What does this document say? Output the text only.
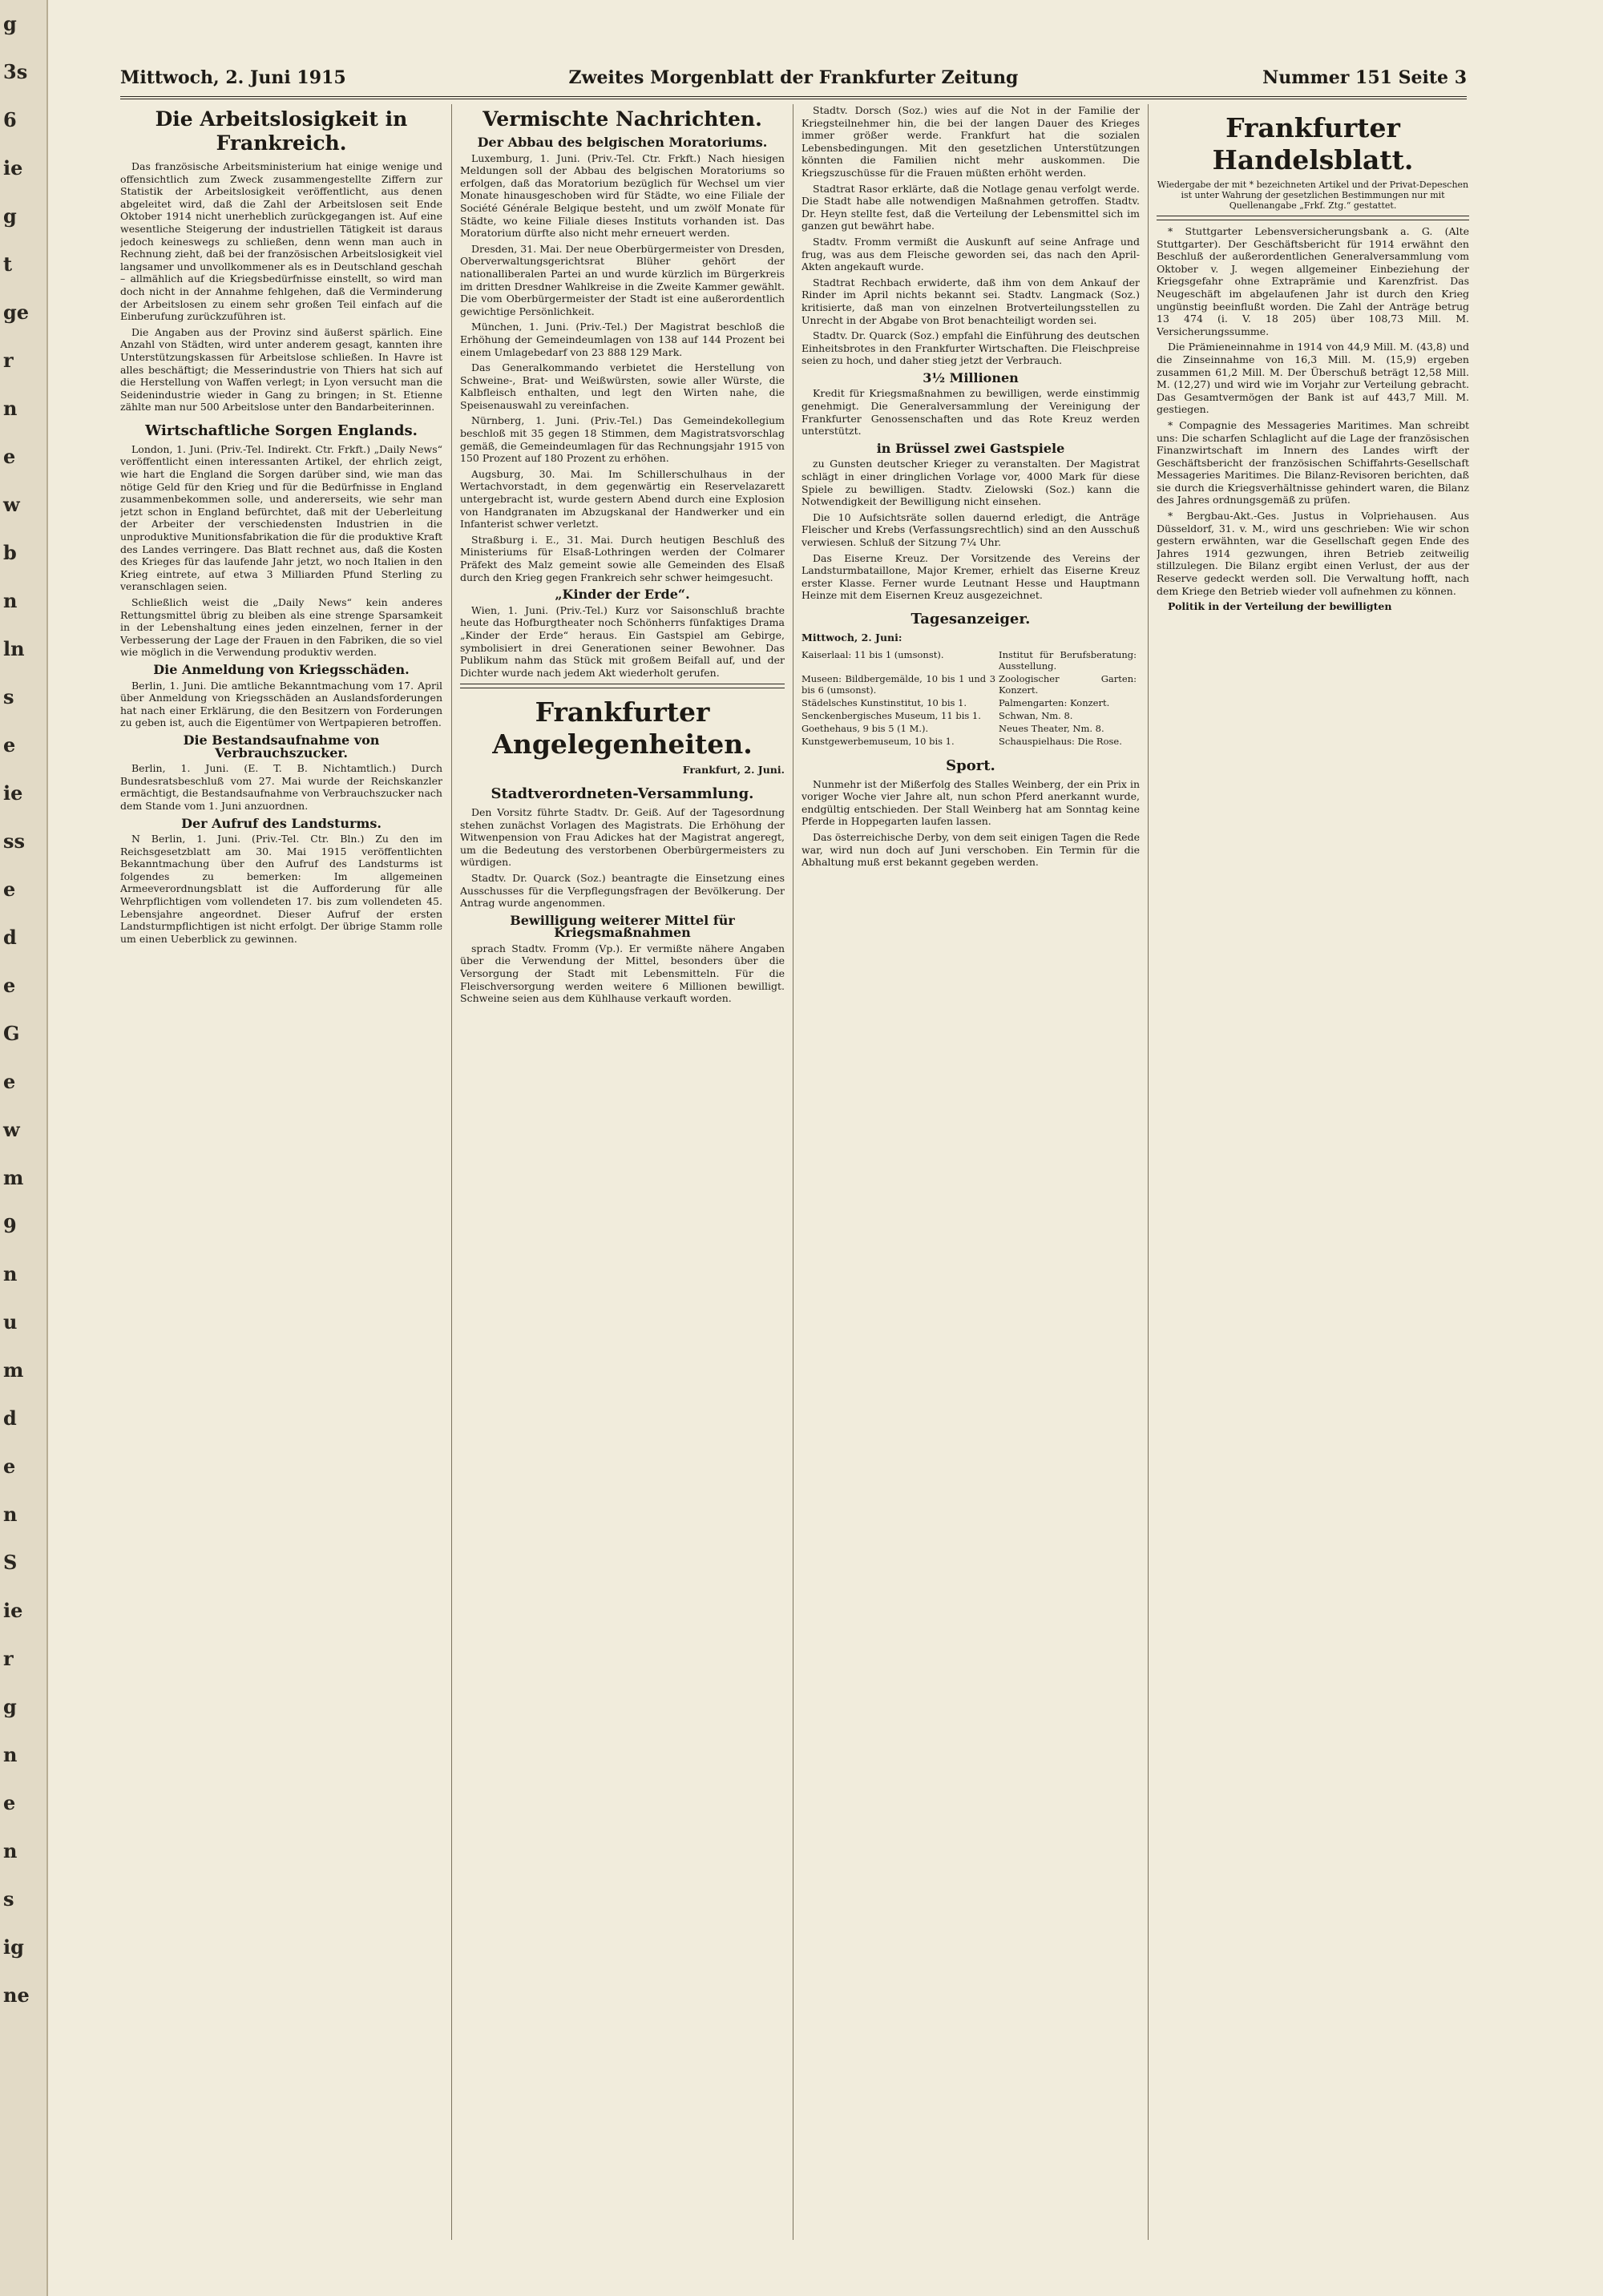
g
3s
6
ie
g
t
ge
r
n
e
w
b
n
ln
s
e
ie
ss
e
d
e
G
e
w
m
9
n
u
m
d
e
n
S
ie
r
g
n
e
n
s
ig
ne
Mittwoch, 2. Juni 1915	Zweites Morgenblatt der Frankfurter Zeitung	Nummer 151 Seite 3
Die Arbeitslosigkeit in Frankreich.

Das französische Arbeitsministerium hat einige wenige und offensichtlich zum Zweck zusammengestellte Ziffern zur Statistik der Arbeitslosigkeit veröffentlicht, aus denen abgeleitet wird, daß die Zahl der Arbeitslosen seit Ende Oktober 1914 nicht unerheblich zurückgegangen ist. Auf eine wesentliche Steigerung der industriellen Tätigkeit ist daraus jedoch keineswegs zu schließen, denn wenn man auch in Rechnung zieht, daß bei der französischen Arbeitslosigkeit viel langsamer und unvollkommener als es in Deutschland geschah – allmählich auf die Kriegsbedürfnisse einstellt, so wird man doch nicht in der Annahme fehlgehen, daß die Verminderung der Arbeitslosen zu einem sehr großen Teil einfach auf die Einberufung zurückzuführen ist.

Die Angaben aus der Provinz sind äußerst spärlich. Eine Anzahl von Städten, wird unter anderem gesagt, kannten ihre Unterstützungskassen für Arbeitslose schließen. In Havre ist alles beschäftigt; die Messerindustrie von Thiers hat sich auf die Herstellung von Waffen verlegt; in Lyon versucht man die Seidenindustrie wieder in Gang zu bringen; in St. Etienne zählte man nur 500 Arbeitslose unter den Bandarbeiterinnen.

Wirtschaftliche Sorgen Englands.

London, 1. Juni. (Priv.-Tel. Indirekt. Ctr. Frkft.) „Daily News“ veröffentlicht einen interessanten Artikel, der ehrlich zeigt, wie hart die England die Sorgen darüber sind, wie man das nötige Geld für den Krieg und für die Bedürfnisse in England zusammenbekommen solle, und andererseits, wie sehr man jetzt schon in England befürchtet, daß mit der Ueberleitung der Arbeiter der verschiedensten Industrien in die unproduktive Munitionsfabrikation die für die produktive Kraft des Landes verringere. Das Blatt rechnet aus, daß die Kosten des Krieges für das laufende Jahr jetzt, wo noch Italien in den Krieg eintrete, auf etwa 3 Milliarden Pfund Sterling zu veranschlagen seien.

Schließlich weist die „Daily News“ kein anderes Rettungsmittel übrig zu bleiben als eine strenge Sparsamkeit in der Lebenshaltung eines jeden einzelnen, ferner in der Verbesserung der Lage der Frauen in den Fabriken, die so viel wie möglich in die Verwendung produktiv werden.

Die Anmeldung von Kriegsschäden.

Berlin, 1. Juni. Die amtliche Bekanntmachung vom 17. April über Anmeldung von Kriegsschäden an Auslandsforderungen hat nach einer Erklärung, die den Besitzern von Forderungen zu geben ist, auch die Eigentümer von Wertpapieren betroffen.

Die Bestandsaufnahme von Verbrauchszucker.

Berlin, 1. Juni. (E. T. B. Nichtamtlich.) Durch Bundesratsbeschluß vom 27. Mai wurde der Reichskanzler ermächtigt, die Bestandsaufnahme von Verbrauchszucker nach dem Stande vom 1. Juni anzuordnen.

Der Aufruf des Landsturms.

N Berlin, 1. Juni. (Priv.-Tel. Ctr. Bln.) Zu den im Reichsgesetzblatt am 30. Mai 1915 veröffentlichten Bekanntmachung über den Aufruf des Landsturms ist folgendes zu bemerken: Im allgemeinen Armeeverordnungsblatt ist die Aufforderung für alle Wehrpflichtigen vom vollendeten 17. bis zum vollendeten 45. Lebensjahre angeordnet. Dieser Aufruf der ersten Landsturmpflichtigen ist nicht erfolgt. Der übrige Stamm rolle um einen Ueberblick zu gewinnen.

Vermischte Nachrichten.
Der Abbau des belgischen Moratoriums.

Luxemburg, 1. Juni. (Priv.-Tel. Ctr. Frkft.) Nach hiesigen Meldungen soll der Abbau des belgischen Moratoriums so erfolgen, daß das Moratorium bezüglich für Wechsel um vier Monate hinausgeschoben wird für Städte, wo eine Filiale der Société Générale Belgique besteht, und um zwölf Monate für Städte, wo keine Filiale dieses Instituts vorhanden ist. Das Moratorium dürfte also nicht mehr erneuert werden.

Dresden, 31. Mai. Der neue Oberbürgermeister von Dresden, Oberverwaltungsgerichtsrat Blüher gehört der nationalliberalen Partei an und wurde kürzlich im Bürgerkreis im dritten Dresdner Wahlkreise in die Zweite Kammer gewählt. Die vom Oberbürgermeister der Stadt ist eine außerordentlich gewichtige Persönlichkeit.

München, 1. Juni. (Priv.-Tel.) Der Magistrat beschloß die Erhöhung der Gemeindeumlagen von 138 auf 144 Prozent bei einem Umlagebedarf von 23 888 129 Mark.

Das Generalkommando verbietet die Herstellung von Schweine-, Brat- und Weißwürsten, sowie aller Würste, die Kalbfleisch enthalten, und legt den Wirten nahe, die Speisenauswahl zu vereinfachen.

Nürnberg, 1. Juni. (Priv.-Tel.) Das Gemeindekollegium beschloß mit 35 gegen 18 Stimmen, dem Magistratsvorschlag gemäß, die Gemeindeumlagen für das Rechnungsjahr 1915 von 150 Prozent auf 180 Prozent zu erhöhen.

Augsburg, 30. Mai. Im Schillerschulhaus in der Wertachvorstadt, in dem gegenwärtig ein Reservelazarett untergebracht ist, wurde gestern Abend durch eine Explosion von Handgranaten im Abzugskanal der Handwerker und ein Infanterist schwer verletzt.

Straßburg i. E., 31. Mai. Durch heutigen Beschluß des Ministeriums für Elsaß-Lothringen werden der Colmarer Präfekt des Malz gemeint sowie alle Gemeinden des Elsaß durch den Krieg gegen Frankreich sehr schwer heimgesucht.

„Kinder der Erde“.

Wien, 1. Juni. (Priv.-Tel.) Kurz vor Saisonschluß brachte heute das Hofburgtheater noch Schönherrs fünfaktiges Drama „Kinder der Erde“ heraus. Ein Gastspiel am Gebirge, symbolisiert in drei Generationen seiner Bewohner. Das Publikum nahm das Stück mit großem Beifall auf, und der Dichter wurde nach jedem Akt wiederholt gerufen.

Frankfurter Angelegenheiten.
Frankfurt, 2. Juni.
Stadtverordneten-Versammlung.

Den Vorsitz führte Stadtv. Dr. Geiß. Auf der Tagesordnung stehen zunächst Vorlagen des Magistrats. Die Erhöhung der Witwenpension von Frau Adickes hat der Magistrat angeregt, um die Bedeutung des verstorbenen Oberbürgermeisters zu würdigen.

Stadtv. Dr. Quarck (Soz.) beantragte die Einsetzung eines Ausschusses für die Verpflegungsfragen der Bevölkerung. Der Antrag wurde angenommen.

Bewilligung weiterer Mittel für Kriegsmaßnahmen

sprach Stadtv. Fromm (Vp.). Er vermißte nähere Angaben über die Verwendung der Mittel, besonders über die Versorgung der Stadt mit Lebensmitteln. Für die Fleischversorgung werden weitere 6 Millionen bewilligt. Schweine seien aus dem Kühlhause verkauft worden.

Stadtv. Dorsch (Soz.) wies auf die Not in der Familie der Kriegsteilnehmer hin, die bei der langen Dauer des Krieges immer größer werde. Frankfurt hat die sozialen Lebensbedingungen. Mit den gesetzlichen Unterstützungen könnten die Familien nicht mehr auskommen. Die Kriegszuschüsse für die Frauen müßten erhöht werden.

Stadtrat Rasor erklärte, daß die Notlage genau verfolgt werde. Die Stadt habe alle notwendigen Maßnahmen getroffen. Stadtv. Dr. Heyn stellte fest, daß die Verteilung der Lebensmittel sich im ganzen gut bewährt habe.

Stadtv. Fromm vermißt die Auskunft auf seine Anfrage und frug, was aus dem Fleische geworden sei, das nach den April-Akten angekauft wurde.

Stadtrat Rechbach erwiderte, daß ihm von dem Ankauf der Rinder im April nichts bekannt sei. Stadtv. Langmack (Soz.) kritisierte, daß man von einzelnen Brotverteilungsstellen zu Unrecht in der Abgabe von Brot benachteiligt worden sei.

Stadtv. Dr. Quarck (Soz.) empfahl die Einführung des deutschen Einheitsbrotes in den Frankfurter Wirtschaften. Die Fleischpreise seien zu hoch, und daher stieg jetzt der Verbrauch.

3½ Millionen

Kredit für Kriegsmaßnahmen zu bewilligen, werde einstimmig genehmigt. Die Generalversammlung der Vereinigung der Frankfurter Genossenschaften und das Rote Kreuz werden unterstützt.

in Brüssel zwei Gastspiele

zu Gunsten deutscher Krieger zu veranstalten. Der Magistrat schlägt in einer dringlichen Vorlage vor, 4000 Mark für diese Spiele zu bewilligen. Stadtv. Zielowski (Soz.) kann die Notwendigkeit der Bewilligung nicht einsehen.

Die 10 Aufsichtsräte sollen dauernd erledigt, die Anträge Fleischer und Krebs (Verfassungsrechtlich) sind an den Ausschuß verwiesen. Schluß der Sitzung 7¼ Uhr.

Das Eiserne Kreuz. Der Vorsitzende des Vereins der Landsturmbataillone, Major Kremer, erhielt das Eiserne Kreuz erster Klasse. Ferner wurde Leutnant Hesse und Hauptmann Heinze mit dem Eisernen Kreuz ausgezeichnet.

Tagesanzeiger.
Mittwoch, 2. Juni:
Kaiserlaal: 11 bis 1 (umsonst).	Institut für Berufsberatung: Ausstellung.
Museen: Bildbergemälde, 10 bis 1 und 3 bis 6 (umsonst).	Zoologischer Garten: Konzert.
Städelsches Kunstinstitut, 10 bis 1.	Palmengarten: Konzert.
Senckenbergisches Museum, 11 bis 1.	Schwan, Nm. 8.
Goethehaus, 9 bis 5 (1 M.).	Neues Theater, Nm. 8.
Kunstgewerbemuseum, 10 bis 1.	Schauspielhaus: Die Rose.
Sport.

Nunmehr ist der Mißerfolg des Stalles Weinberg, der ein Prix in voriger Woche vier Jahre alt, nun schon Pferd anerkannt wurde, endgültig entschieden. Der Stall Weinberg hat am Sonntag keine Pferde in Hoppegarten laufen lassen.

Das österreichische Derby, von dem seit einigen Tagen die Rede war, wird nun doch auf Juni verschoben. Ein Termin für die Abhaltung muß erst bekannt gegeben werden.

Frankfurter Handelsblatt.
Wiedergabe der mit * bezeichneten Artikel und der Privat-Depeschen ist unter Wahrung der gesetzlichen Bestimmungen nur mit Quellenangabe „Frkf. Ztg.“ gestattet.

* Stuttgarter Lebensversicherungsbank a. G. (Alte Stuttgarter). Der Geschäftsbericht für 1914 erwähnt den Beschluß der außerordentlichen Generalversammlung vom Oktober v. J. wegen allgemeiner Einbeziehung der Kriegsgefahr ohne Extraprämie und Karenzfrist. Das Neugeschäft im abgelaufenen Jahr ist durch den Krieg ungünstig beeinflußt worden. Die Zahl der Anträge betrug 13 474 (i. V. 18 205) über 108,73 Mill. M. Versicherungssumme.

Die Prämieneinnahme in 1914 von 44,9 Mill. M. (43,8) und die Zinseinnahme von 16,3 Mill. M. (15,9) ergeben zusammen 61,2 Mill. M. Der Überschuß beträgt 12,58 Mill. M. (12,27) und wird wie im Vorjahr zur Verteilung gebracht. Das Gesamtvermögen der Bank ist auf 443,7 Mill. M. gestiegen.

* Compagnie des Messageries Maritimes. Man schreibt uns: Die scharfen Schlaglicht auf die Lage der französischen Finanzwirtschaft im Innern des Landes wirft der Geschäftsbericht der französischen Schiffahrts-Gesellschaft Messageries Maritimes. Die Bilanz-Revisoren berichten, daß sie durch die Kriegsverhältnisse gehindert waren, die Bilanz des Jahres ordnungsgemäß zu prüfen.

* Bergbau-Akt.-Ges. Justus in Volpriehausen. Aus Düsseldorf, 31. v. M., wird uns geschrieben: Wie wir schon gestern erwähnten, war die Gesellschaft gegen Ende des Jahres 1914 gezwungen, ihren Betrieb zeitweilig stillzulegen. Die Bilanz ergibt einen Verlust, der aus der Reserve gedeckt werden soll. Die Verwaltung hofft, nach dem Kriege den Betrieb wieder voll aufnehmen zu können.

Politik in der Verteilung der bewilligten
